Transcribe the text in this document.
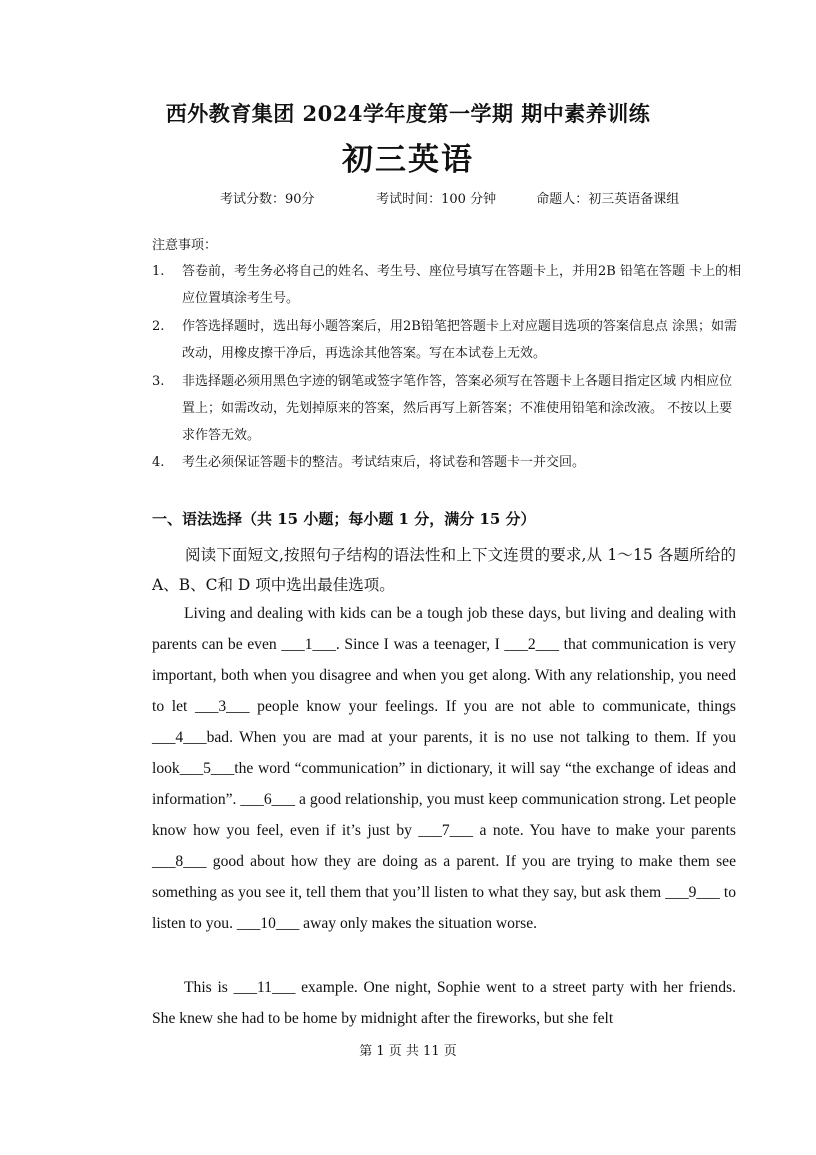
西外教育集团 2024学年度第一学期 期中素养训练
初三英语
考试分数：90分	考试时间：100 分钟	命题人：初三英语备课组
注意事项：
1. 答卷前，考生务必将自己的姓名、考生号、座位号填写在答题卡上，并用2B 铅笔在答题 卡上的相应位置填涂考生号。
2. 作答选择题时，选出每小题答案后，用2B铅笔把答题卡上对应题目选项的答案信息点 涂黑；如需改动，用橡皮擦干净后，再选涂其他答案。写在本试卷上无效。
3. 非选择题必须用黑色字迹的钢笔或签字笔作答，答案必须写在答题卡上各题目指定区域 内相应位置上；如需改动，先划掉原来的答案，然后再写上新答案；不准使用铅笔和涂改液。 不按以上要求作答无效。
4. 考生必须保证答题卡的整洁。考试结束后，将试卷和答题卡一并交回。
一、语法选择（共 15 小题；每小题 1 分，满分 15 分）
阅读下面短文,按照句子结构的语法性和上下文连贯的要求,从 1～15 各题所给的 A、B、C和 D 项中选出最佳选项。
Living and dealing with kids can be a tough job these days, but living and dealing with parents can be even ___1___. Since I was a teenager, I ___2___ that communication is very important, both when you disagree and when you get along. With any relationship, you need to let ___3___ people know your feelings. If you are not able to communicate, things ___4___bad. When you are mad at your parents, it is no use not talking to them. If you look___5___the word “communication” in dictionary, it will say “the exchange of ideas and information”. ___6___ a good relationship, you must keep communication strong. Let people know how you feel, even if it’s just by ___7___ a note. You have to make your parents ___8___ good about how they are doing as a parent. If you are trying to make them see something as you see it, tell them that you’ll listen to what they say, but ask them ___9___ to listen to you. ___10___ away only makes the situation worse.
This is ___11___ example. One night, Sophie went to a street party with her friends. She knew she had to be home by midnight after the fireworks, but she felt
第 1 页 共 11 页
